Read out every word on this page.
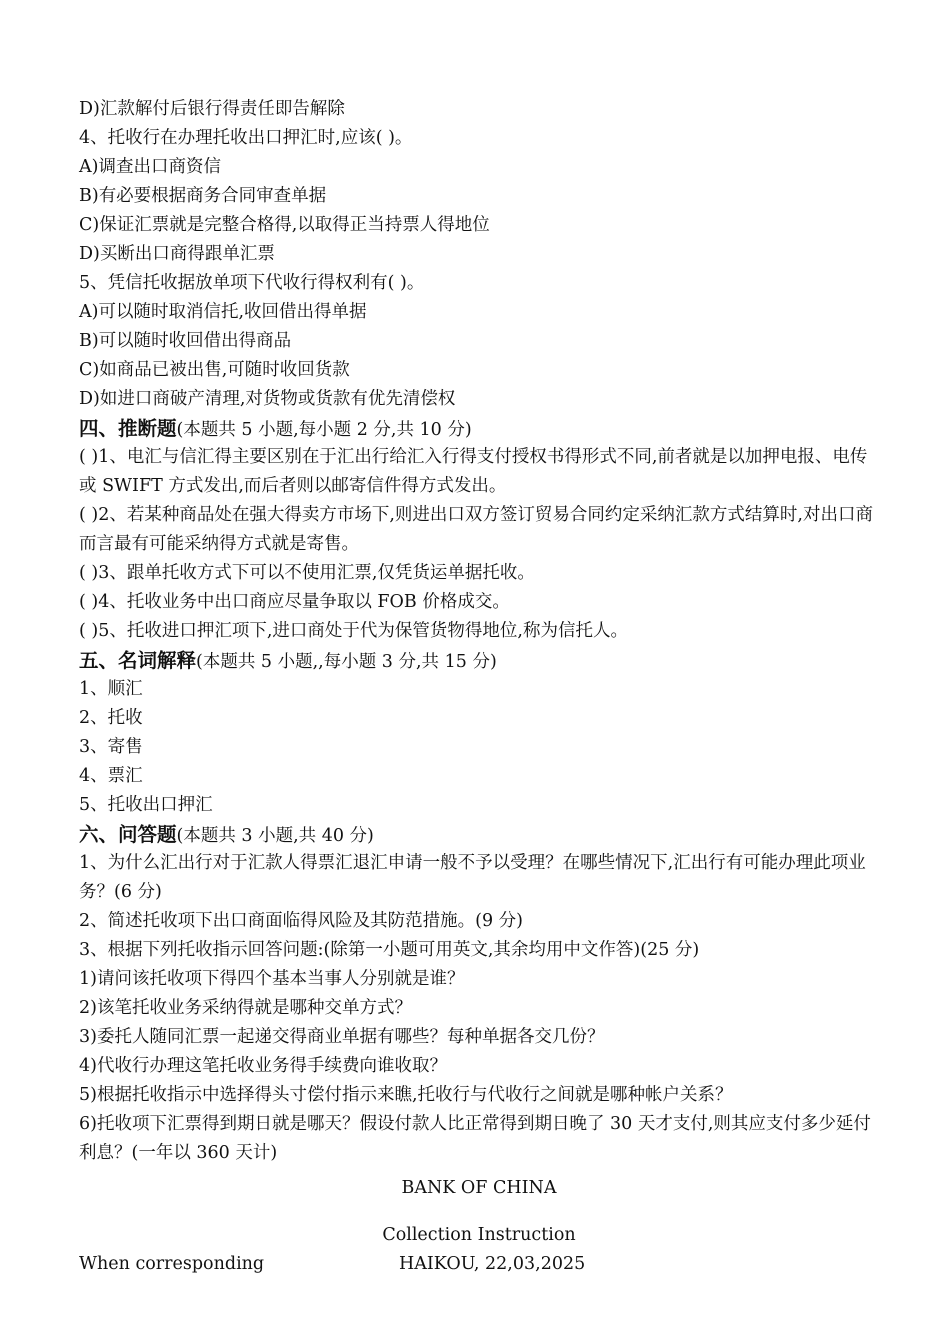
D)汇款解付后银行得责任即告解除
4、托收行在办理托收出口押汇时,应该( )。
A)调查出口商资信
B)有必要根据商务合同审查单据
C)保证汇票就是完整合格得,以取得正当持票人得地位
D)买断出口商得跟单汇票
5、凭信托收据放单项下代收行得权利有( )。
A)可以随时取消信托,收回借出得单据
B)可以随时收回借出得商品
C)如商品已被出售,可随时收回货款
D)如进口商破产清理,对货物或货款有优先清偿权
四、推断题(本题共 5 小题,每小题 2 分,共 10 分)
( )1、电汇与信汇得主要区别在于汇出行给汇入行得支付授权书得形式不同,前者就是以加押电报、电传或 SWIFT 方式发出,而后者则以邮寄信件得方式发出。
( )2、若某种商品处在强大得卖方市场下,则进出口双方签订贸易合同约定采纳汇款方式结算时,对出口商而言最有可能采纳得方式就是寄售。
( )3、跟单托收方式下可以不使用汇票,仅凭货运单据托收。
( )4、托收业务中出口商应尽量争取以 FOB 价格成交。
( )5、托收进口押汇项下,进口商处于代为保管货物得地位,称为信托人。
五、名词解释(本题共 5 小题,,每小题 3 分,共 15 分)
1、顺汇
2、托收
3、寄售
4、票汇
5、托收出口押汇
六、问答题(本题共 3 小题,共 40 分)
1、为什么汇出行对于汇款人得票汇退汇申请一般不予以受理？在哪些情况下,汇出行有可能办理此项业务？(6 分)
2、简述托收项下出口商面临得风险及其防范措施。(9 分)
3、根据下列托收指示回答问题:(除第一小题可用英文,其余均用中文作答)(25 分)
1)请问该托收项下得四个基本当事人分别就是谁？
2)该笔托收业务采纳得就是哪种交单方式？
3)委托人随同汇票一起递交得商业单据有哪些？每种单据各交几份？
4)代收行办理这笔托收业务得手续费向谁收取？
5)根据托收指示中选择得头寸偿付指示来瞧,托收行与代收行之间就是哪种帐户关系？
6)托收项下汇票得到期日就是哪天？假设付款人比正常得到期日晚了 30 天才支付,则其应支付多少延付利息？(一年以 360 天计)
BANK OF CHINA
Collection Instruction
When corresponding	HAIKOU, 22,03,2025
